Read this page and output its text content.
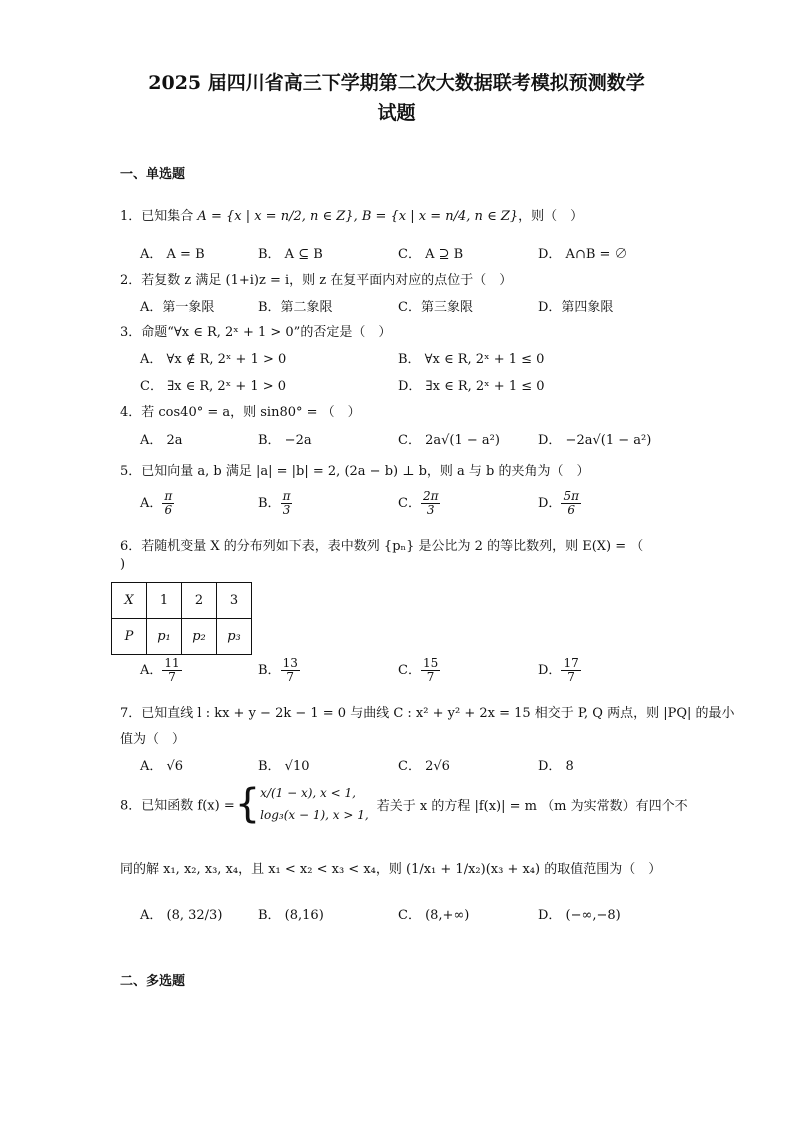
2025 届四川省高三下学期第二次大数据联考模拟预测数学
试题
一、单选题
1．已知集合 A = {x | x = n/2, n ∈ Z}, B = {x | x = n/4, n ∈ Z}，则（　）
A． A = B	B． A ⊆ B	C． A ⊇ B	D． A∩B = ∅
2．若复数 z 满足 (1+i)z = i，则 z 在复平面内对应的点位于（　）
A．第一象限	B．第二象限	C．第三象限	D．第四象限
3．命题“∀x ∈ R, 2ˣ + 1 > 0”的否定是（　）
A． ∀x ∉ R, 2ˣ + 1 > 0	B． ∀x ∈ R, 2ˣ + 1 ≤ 0
C． ∃x ∈ R, 2ˣ + 1 > 0	D． ∃x ∈ R, 2ˣ + 1 ≤ 0
4．若 cos40° = a，则 sin80° = （　）
A． 2a	B． −2a	C． 2a√(1 − a²)	D． −2a√(1 − a²)
5．已知向量 a, b 满足 |a| = |b| = 2, (2a − b) ⊥ b，则 a 与 b 的夹角为（　）
A． $\frac{\pi}{6}$	B． $\frac{\pi}{3}$	C． $\frac{2\pi}{3}$	D． $\frac{5\pi}{6}$
6．若随机变量 X 的分布列如下表，表中数列 {pₙ} 是公比为 2 的等比数列，则 E(X) = （
)
X	1	2	3
P	p₁	p₂	p₃
A． $\frac{11}{7}$	B． $\frac{13}{7}$	C． $\frac{15}{7}$	D． $\frac{17}{7}$
7．已知直线 l : kx + y − 2k − 1 = 0 与曲线 C : x² + y² + 2x = 15 相交于 P, Q 两点，则 |PQ| 的最小
值为（　）
A． √6	B． √10	C． 2√6	D． 8
8．已知函数 f(x) ={ x/(1 − x), x < 1,
log₃(x − 1), x > 1,
若关于 x 的方程 |f(x)| = m （m 为实常数）有四个不
同的解 x₁, x₂, x₃, x₄，且 x₁ < x₂ < x₃ < x₄，则 (1/x₁ + 1/x₂)(x₃ + x₄) 的取值范围为（　）
A． (8, 32/3)	B． (8,16)	C． (8,+∞)	D． (−∞,−8)
二、多选题
